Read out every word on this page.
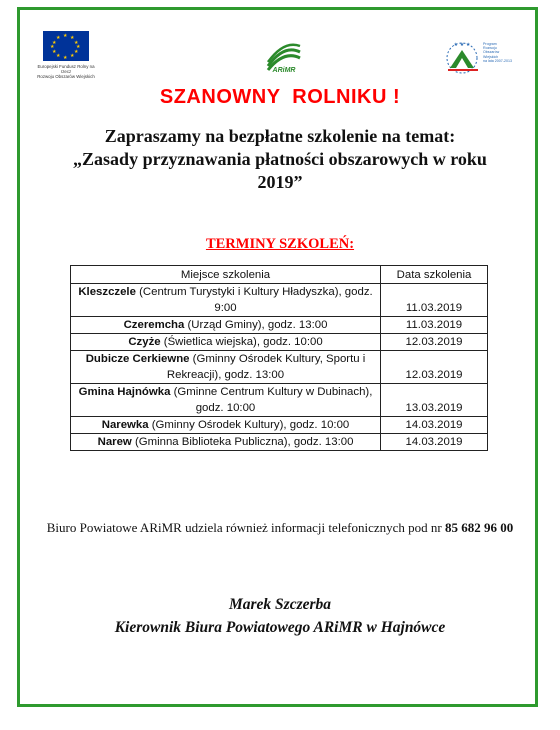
★ ★
★
★
★
★
★
★
★
★
★
★
Europejski Fundusz Rolny na rzecz
Rozwoju Obszarów Wiejskich
ARiMR
★ ★ ★	Program
Rozwoju
Obszarów
Wiejskich
na lata 2007-2013
SZANOWNY  ROLNIKU !
Zapraszamy na bezpłatne szkolenie na temat:
„Zasady przyznawania płatności obszarowych w roku 2019”
TERMINY SZKOLEŃ:
Miejsce szkolenia	Data szkolenia
Kleszczele (Centrum Turystyki i Kultury Hładyszka), godz. 9:00	11.03.2019
Czeremcha (Urząd Gminy), godz. 13:00	11.03.2019
Czyże (Świetlica wiejska), godz. 10:00	12.03.2019
Dubicze Cerkiewne (Gminny Ośrodek Kultury, Sportu i Rekreacji), godz. 13:00	12.03.2019
Gmina Hajnówka (Gminne Centrum Kultury w Dubinach), godz. 10:00	13.03.2019
Narewka (Gminny Ośrodek Kultury), godz. 10:00	14.03.2019
Narew (Gminna Biblioteka Publiczna), godz. 13:00	14.03.2019
Biuro Powiatowe ARiMR udziela również informacji telefonicznych pod nr 85 682 96 00
Marek Szczerba
Kierownik Biura Powiatowego ARiMR w Hajnówce
